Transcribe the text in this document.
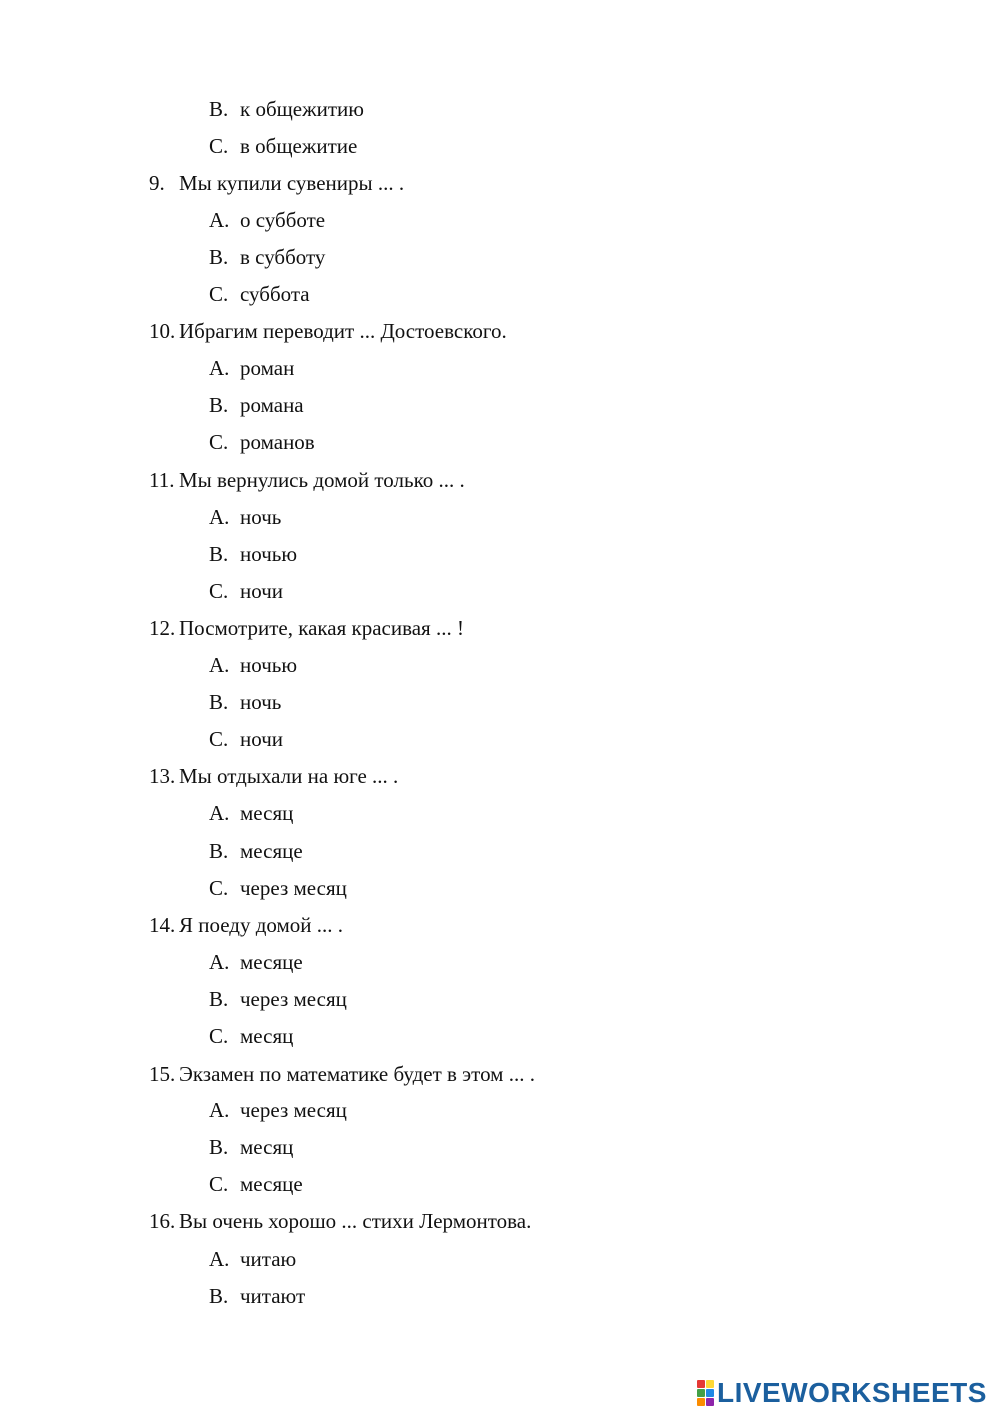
B. к общежитию
C. в общежитие
9. Мы купили сувениры ... .
A. о субботе
B. в субботу
C. суббота
10. Ибрагим переводит ... Достоевского.
A. роман
B. романа
C. романов
11. Мы вернулись домой только ... .
A. ночь
B. ночью
C. ночи
12. Посмотрите, какая красивая ... !
A. ночью
B. ночь
C. ночи
13. Мы отдыхали на юге ... .
A. месяц
B. месяце
C. через месяц
14. Я поеду домой ... .
A. месяце
B. через месяц
C. месяц
15. Экзамен по математике будет в этом ... .
A. через месяц
B. месяц
C. месяце
16. Вы очень хорошо ... стихи Лермонтова.
A. читаю
B. читают
LIVEWORKSHEETS
